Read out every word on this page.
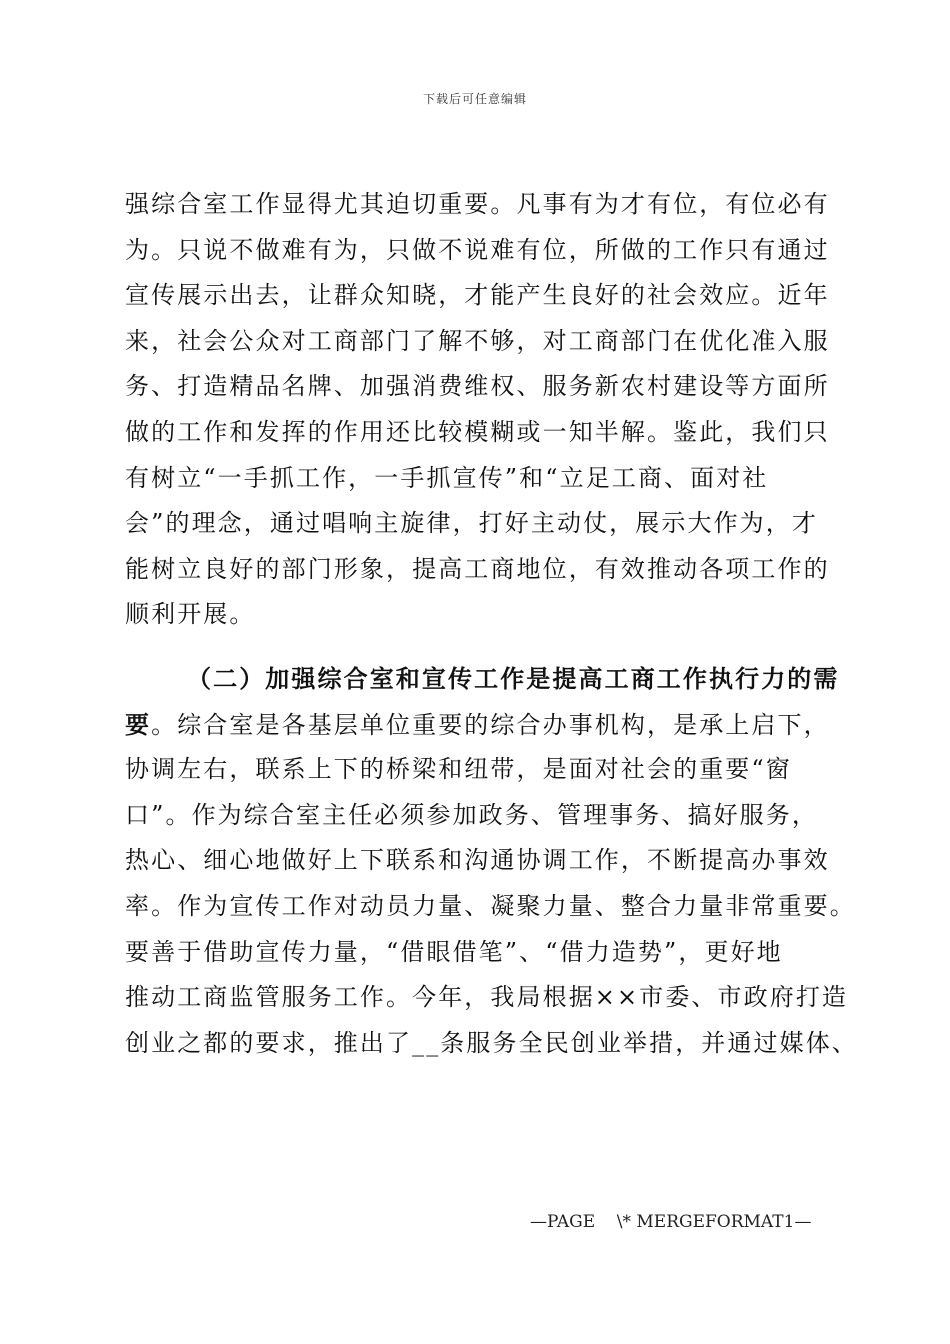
下载后可任意编辑
强综合室工作显得尤其迫切重要。凡事有为才有位，有位必有
为。只说不做难有为，只做不说难有位，所做的工作只有通过
宣传展示出去，让群众知晓，才能产生良好的社会效应。近年
来，社会公众对工商部门了解不够，对工商部门在优化准入服
务、打造精品名牌、加强消费维权、服务新农村建设等方面所
做的工作和发挥的作用还比较模糊或一知半解。鉴此，我们只
有树立“一手抓工作，一手抓宣传”和“立足工商、面对社
会”的理念，通过唱响主旋律，打好主动仗，展示大作为，才
能树立良好的部门形象，提高工商地位，有效推动各项工作的
顺利开展。
（二）加强综合室和宣传工作是提高工商工作执行力的需
要。综合室是各基层单位重要的综合办事机构，是承上启下，
协调左右，联系上下的桥梁和纽带，是面对社会的重要“窗
口”。作为综合室主任必须参加政务、管理事务、搞好服务，
热心、细心地做好上下联系和沟通协调工作，不断提高办事效
率。作为宣传工作对动员力量、凝聚力量、整合力量非常重要。
要善于借助宣传力量，“借眼借笔”、“借力造势”，更好地
推动工商监管服务工作。今年，我局根据××市委、市政府打造
创业之都的要求，推出了__条服务全民创业举措，并通过媒体、
—PAGE    \* MERGEFORMAT1—
